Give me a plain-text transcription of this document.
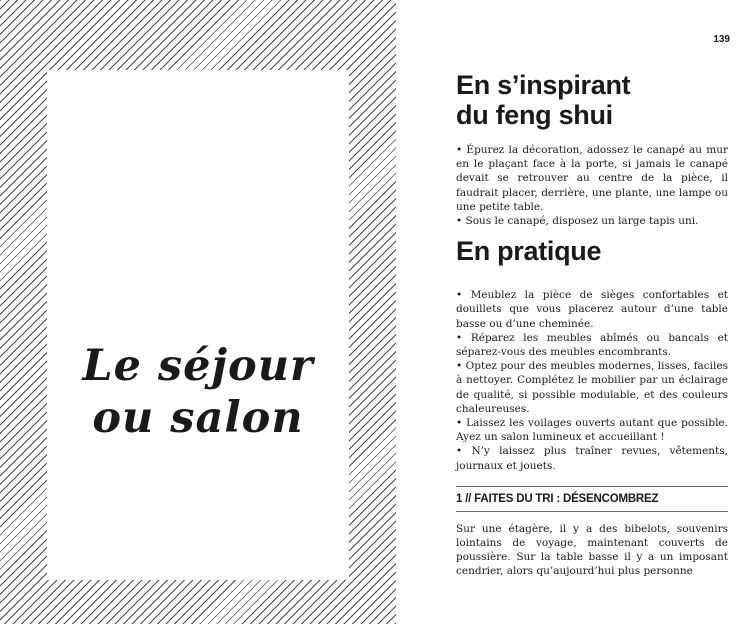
Le séjour
ou salon
139
En s’inspirant
du feng shui
• Épurez la décoration, adossez le canapé au mur en le plaçant face à la porte, si jamais le canapé devait se retrouver au centre de la pièce, il faudrait placer, derrière, une plante, une lampe ou une petite table.
• Sous le canapé, disposez un large tapis uni.
En pratique
• Meublez la pièce de sièges confortables et douillets que vous placerez autour d’une table basse ou d’une cheminée.
• Réparez les meubles abîmés ou bancals et séparez-vous des meubles encombrants.
• Optez pour des meubles modernes, lisses, faciles à nettoyer. Complétez le mobilier par un éclairage de qualité, si possible modulable, et des couleurs chaleureuses.
• Laissez les voilages ouverts autant que possible. Ayez un salon lumineux et accueillant !
• N’y laissez plus traîner revues, vêtements, journaux et jouets.
1 // FAITES DU TRI : DÉSENCOMBREZ

Sur une étagère, il y a des bibelots, souvenirs lointains de voyage, maintenant couverts de poussière. Sur la table basse il y a un imposant cendrier, alors qu’aujourd’hui plus personne
